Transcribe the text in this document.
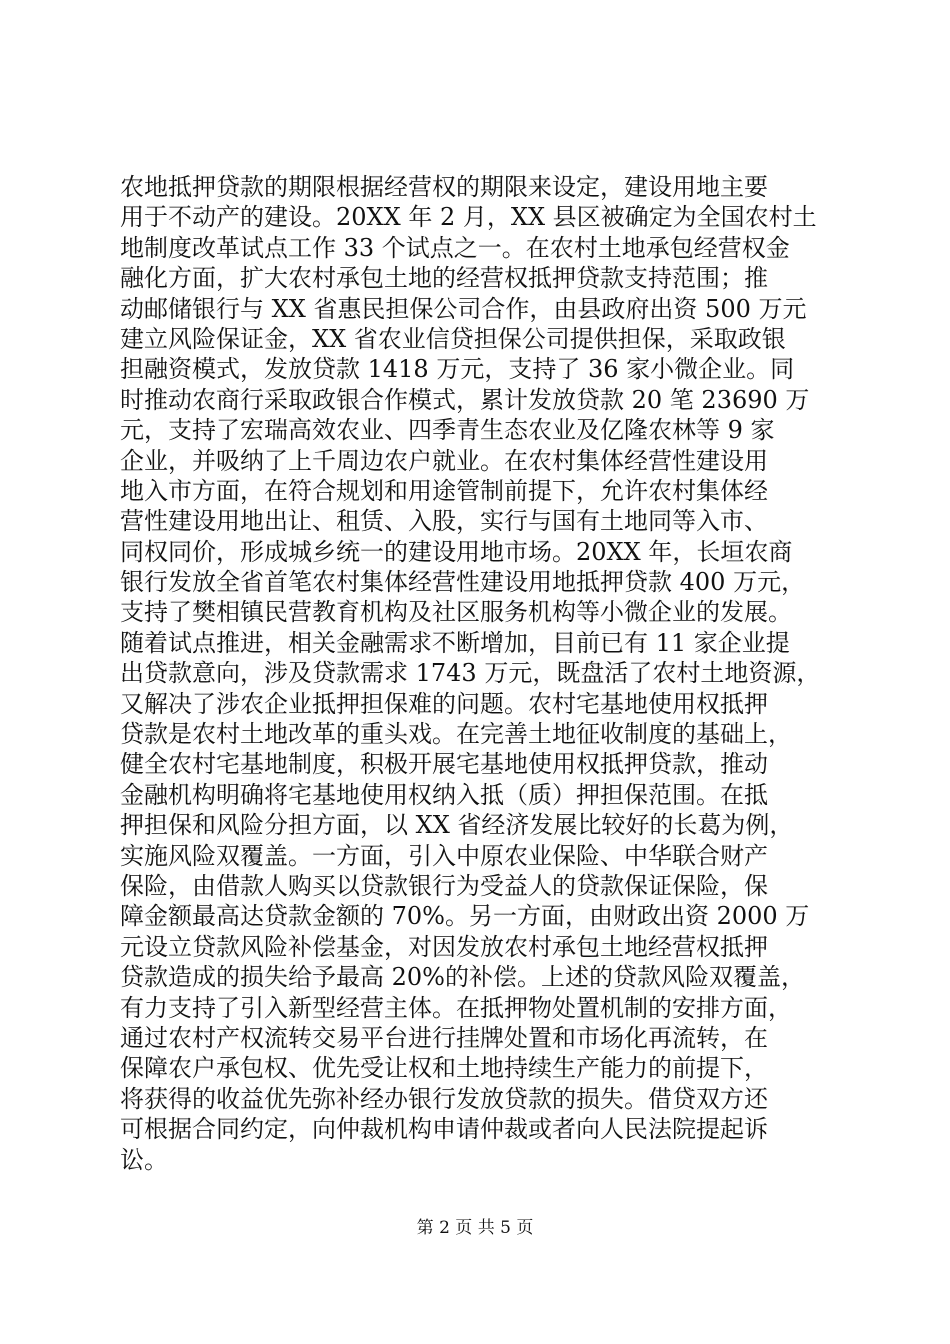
农地抵押贷款的期限根据经营权的期限来设定，建设用地主要
用于不动产的建设。20XX 年 2 月，XX 县区被确定为全国农村土
地制度改革试点工作 33 个试点之一。在农村土地承包经营权金
融化方面，扩大农村承包土地的经营权抵押贷款支持范围；推
动邮储银行与 XX 省惠民担保公司合作，由县政府出资 500 万元
建立风险保证金，XX 省农业信贷担保公司提供担保，采取政银
担融资模式，发放贷款 1418 万元，支持了 36 家小微企业。同
时推动农商行采取政银合作模式，累计发放贷款 20 笔 23690 万
元，支持了宏瑞高效农业、四季青生态农业及亿隆农林等 9 家
企业，并吸纳了上千周边农户就业。在农村集体经营性建设用
地入市方面，在符合规划和用途管制前提下，允许农村集体经
营性建设用地出让、租赁、入股，实行与国有土地同等入市、
同权同价，形成城乡统一的建设用地市场。20XX 年，长垣农商
银行发放全省首笔农村集体经营性建设用地抵押贷款 400 万元，
支持了樊相镇民营教育机构及社区服务机构等小微企业的发展。
随着试点推进，相关金融需求不断增加，目前已有 11 家企业提
出贷款意向，涉及贷款需求 1743 万元，既盘活了农村土地资源，
又解决了涉农企业抵押担保难的问题。农村宅基地使用权抵押
贷款是农村土地改革的重头戏。在完善土地征收制度的基础上，
健全农村宅基地制度，积极开展宅基地使用权抵押贷款，推动
金融机构明确将宅基地使用权纳入抵（质）押担保范围。在抵
押担保和风险分担方面，以 XX 省经济发展比较好的长葛为例，
实施风险双覆盖。一方面，引入中原农业保险、中华联合财产
保险，由借款人购买以贷款银行为受益人的贷款保证保险，保
障金额最高达贷款金额的 70%。另一方面，由财政出资 2000 万
元设立贷款风险补偿基金，对因发放农村承包土地经营权抵押
贷款造成的损失给予最高 20%的补偿。上述的贷款风险双覆盖，
有力支持了引入新型经营主体。在抵押物处置机制的安排方面，
通过农村产权流转交易平台进行挂牌处置和市场化再流转，在
保障农户承包权、优先受让权和土地持续生产能力的前提下，
将获得的收益优先弥补经办银行发放贷款的损失。借贷双方还
可根据合同约定，向仲裁机构申请仲裁或者向人民法院提起诉
讼。
第 2 页 共 5 页
